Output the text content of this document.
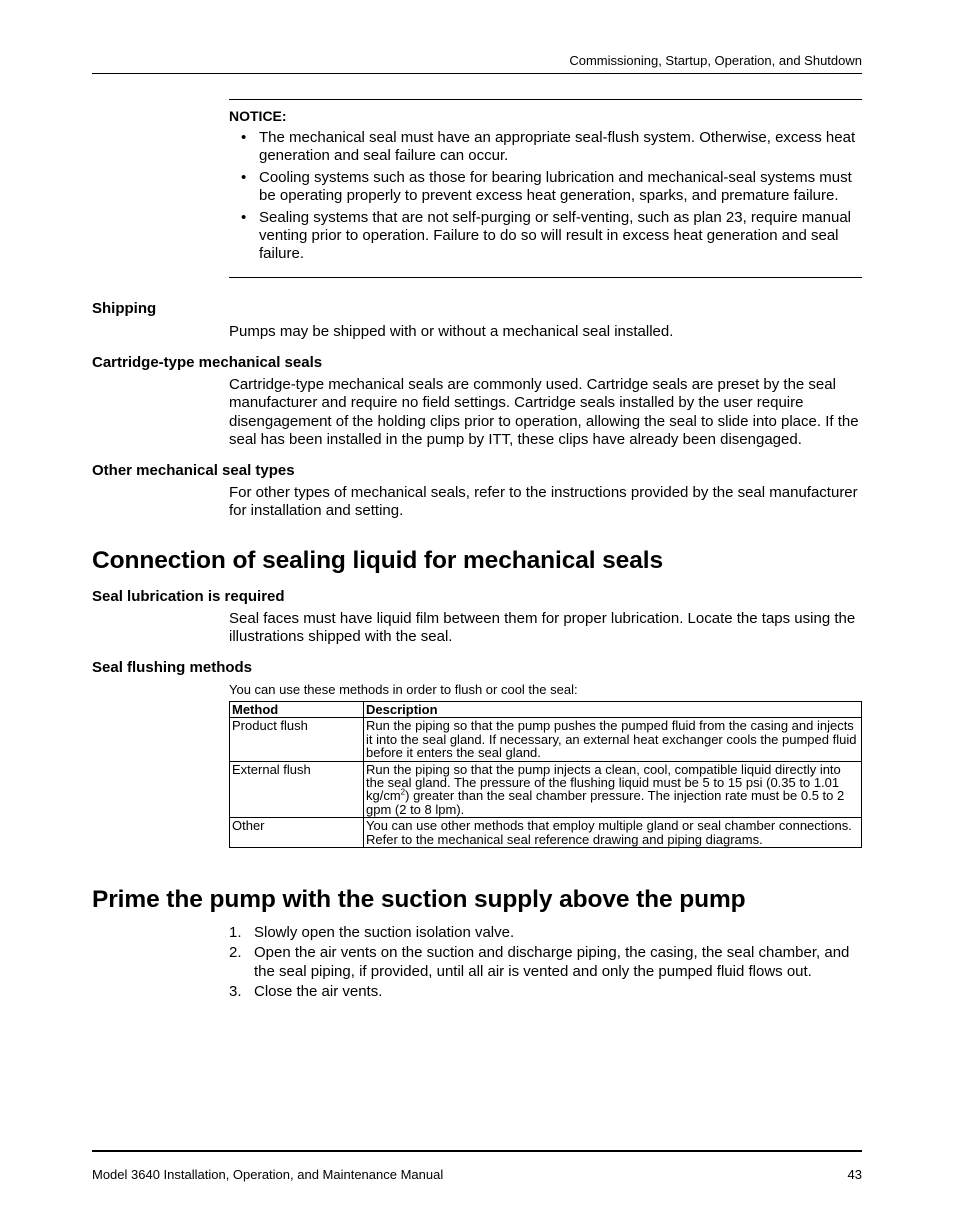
Commissioning, Startup, Operation, and Shutdown
NOTICE:
• The mechanical seal must have an appropriate seal-flush system. Otherwise, excess heat generation and seal failure can occur.
• Cooling systems such as those for bearing lubrication and mechanical-seal systems must be operating properly to prevent excess heat generation, sparks, and premature failure.
• Sealing systems that are not self-purging or self-venting, such as plan 23, require manual venting prior to operation. Failure to do so will result in excess heat generation and seal failure.
Shipping
Pumps may be shipped with or without a mechanical seal installed.
Cartridge-type mechanical seals
Cartridge-type mechanical seals are commonly used. Cartridge seals are preset by the seal manufacturer and require no field settings. Cartridge seals installed by the user require disengagement of the holding clips prior to operation, allowing the seal to slide into place. If the seal has been installed in the pump by ITT, these clips have already been disengaged.
Other mechanical seal types
For other types of mechanical seals, refer to the instructions provided by the seal manufacturer for installation and setting.
Connection of sealing liquid for mechanical seals
Seal lubrication is required
Seal faces must have liquid film between them for proper lubrication. Locate the taps using the illustrations shipped with the seal.
Seal flushing methods
You can use these methods in order to flush or cool the seal:
Method	Description
Product flush	Run the piping so that the pump pushes the pumped fluid from the casing and injects it into the seal gland. If necessary, an external heat exchanger cools the pumped fluid before it enters the seal gland.
External flush	Run the piping so that the pump injects a clean, cool, compatible liquid directly into the seal gland. The pressure of the flushing liquid must be 5 to 15 psi (0.35 to 1.01 $kg/cm^2$) greater than the seal chamber pressure. The injection rate must be 0.5 to 2 gpm (2 to 8 lpm).
Other	You can use other methods that employ multiple gland or seal chamber connections. Refer to the mechanical seal reference drawing and piping diagrams.
Prime the pump with the suction supply above the pump
1. Slowly open the suction isolation valve.
2. Open the air vents on the suction and discharge piping, the casing, the seal chamber, and the seal piping, if provided, until all air is vented and only the pumped fluid flows out.
3. Close the air vents.
Model 3640 Installation, Operation, and Maintenance Manual	43
